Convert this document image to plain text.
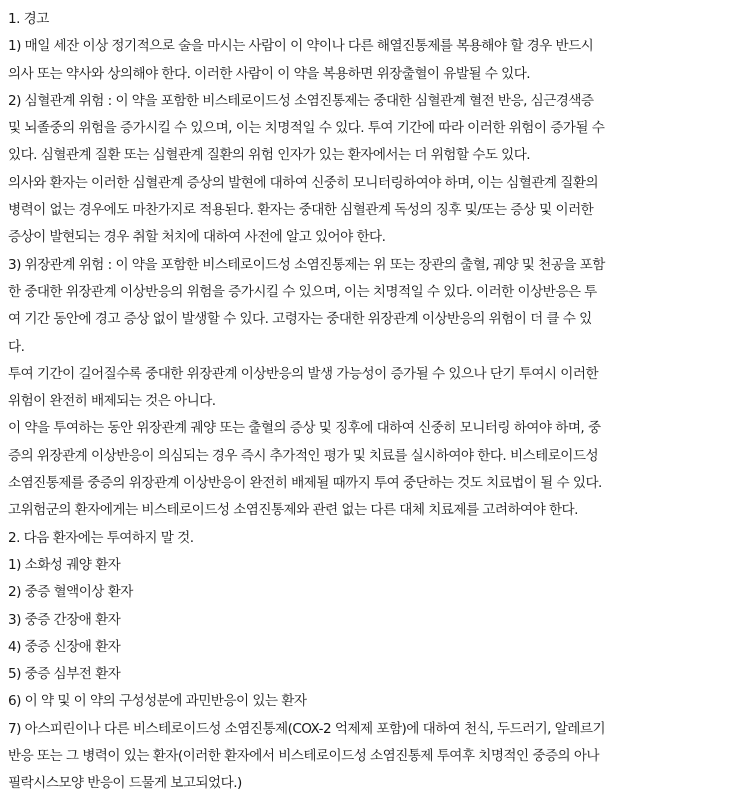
1. 경고
1) 매일 세잔 이상 정기적으로 술을 마시는 사람이 이 약이나 다른 해열진통제를 복용해야 할 경우 반드시
의사 또는 약사와 상의해야 한다. 이러한 사람이 이 약을 복용하면 위장출혈이 유발될 수 있다.
2) 심혈관계 위험 : 이 약을 포함한 비스테로이드성 소염진통제는 중대한 심혈관계 혈전 반응, 심근경색증
및 뇌졸중의 위험을 증가시킬 수 있으며, 이는 치명적일 수 있다. 투여 기간에 따라 이러한 위험이 증가될 수
있다. 심혈관계 질환 또는 심혈관계 질환의 위험 인자가 있는 환자에서는 더 위험할 수도 있다.
의사와 환자는 이러한 심혈관계 증상의 발현에 대하여 신중히 모니터링하여야 하며, 이는 심혈관계 질환의
병력이 없는 경우에도 마찬가지로 적용된다. 환자는 중대한 심혈관계 독성의 징후 및/또는 증상 및 이러한
증상이 발현되는 경우 취할 처치에 대하여 사전에 알고 있어야 한다.
3) 위장관계 위험 : 이 약을 포함한 비스테로이드성 소염진통제는 위 또는 장관의 출혈, 궤양 및 천공을 포함
한 중대한 위장관계 이상반응의 위험을 증가시킬 수 있으며, 이는 치명적일 수 있다. 이러한 이상반응은 투
여 기간 동안에 경고 증상 없이 발생할 수 있다. 고령자는 중대한 위장관계 이상반응의 위험이 더 클 수 있
다.
투여 기간이 길어질수록 중대한 위장관계 이상반응의 발생 가능성이 증가될 수 있으나 단기 투여시 이러한
위험이 완전히 배제되는 것은 아니다.
이 약을 투여하는 동안 위장관계 궤양 또는 출혈의 증상 및 징후에 대하여 신중히 모니터링 하여야 하며, 중
증의 위장관계 이상반응이 의심되는 경우 즉시 추가적인 평가 및 치료를 실시하여야 한다. 비스테로이드성
소염진통제를 중증의 위장관계 이상반응이 완전히 배제될 때까지 투여 중단하는 것도 치료법이 될 수 있다.
고위험군의 환자에게는 비스테로이드성 소염진통제와 관련 없는 다른 대체 치료제를 고려하여야 한다.
2. 다음 환자에는 투여하지 말 것.
1) 소화성 궤양 환자
2) 중증 혈액이상 환자
3) 중증 간장애 환자
4) 중증 신장애 환자
5) 중증 심부전 환자
6) 이 약 및 이 약의 구성성분에 과민반응이 있는 환자
7) 아스피린이나 다른 비스테로이드성 소염진통제(COX-2 억제제 포함)에 대하여 천식, 두드러기, 알레르기
반응 또는 그 병력이 있는 환자(이러한 환자에서 비스테로이드성 소염진통제 투여후 치명적인 중증의 아나
필락시스모양 반응이 드물게 보고되었다.)
